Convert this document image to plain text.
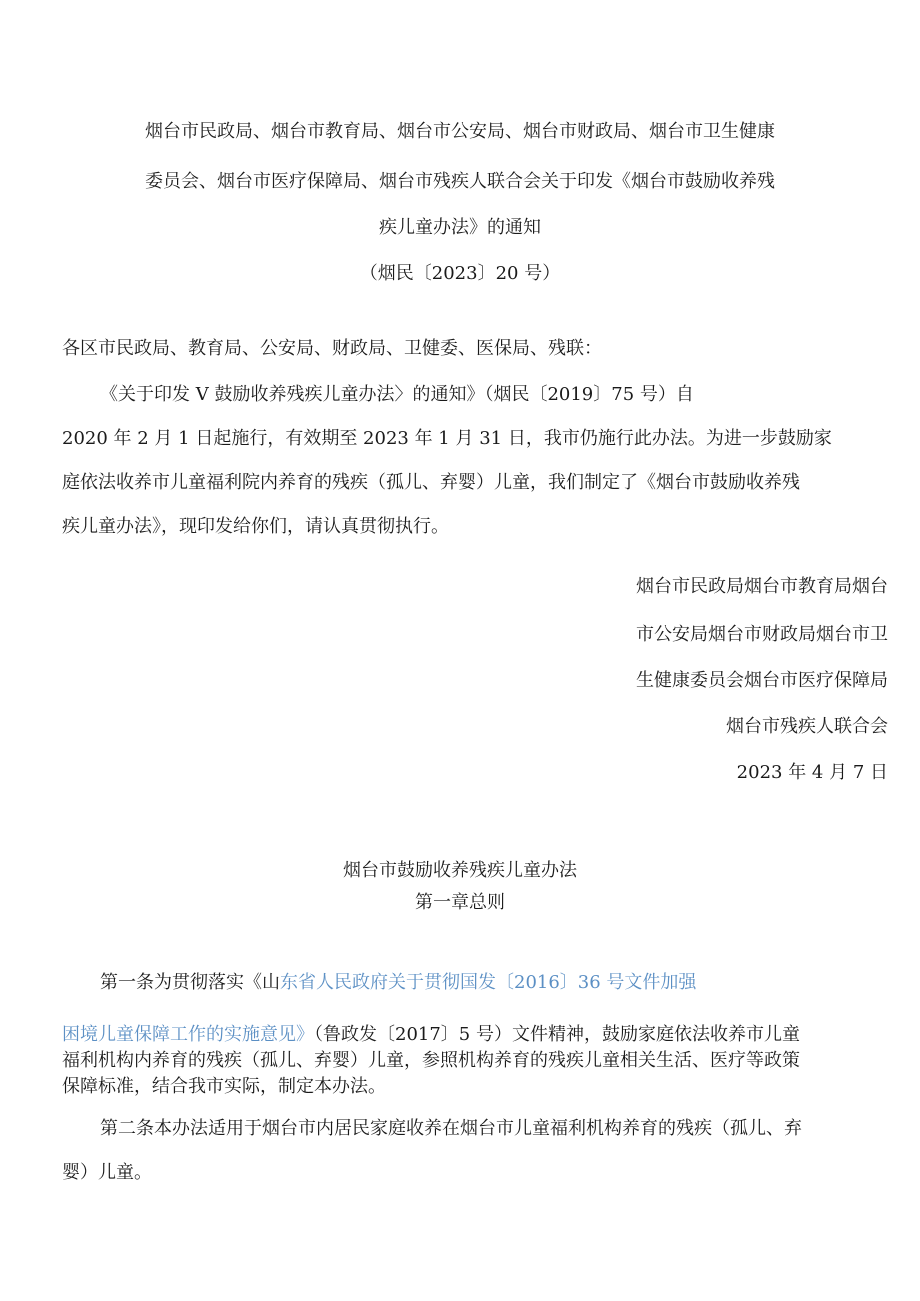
烟台市民政局、烟台市教育局、烟台市公安局、烟台市财政局、烟台市卫生健康
委员会、烟台市医疗保障局、烟台市残疾人联合会关于印发《烟台市鼓励收养残
疾儿童办法》的通知
（烟民〔2023〕20 号）
各区市民政局、教育局、公安局、财政局、卫健委、医保局、残联：
《关于印发 V 鼓励收养残疾儿童办法〉的通知》（烟民〔2019〕75 号）自
2020 年 2 月 1 日起施行，有效期至 2023 年 1 月 31 日，我市仍施行此办法。为进一步鼓励家
庭依法收养市儿童福利院内养育的残疾（孤儿、弃婴）儿童，我们制定了《烟台市鼓励收养残
疾儿童办法》，现印发给你们，请认真贯彻执行。
烟台市民政局烟台市教育局烟台
市公安局烟台市财政局烟台市卫
生健康委员会烟台市医疗保障局
烟台市残疾人联合会
2023 年 4 月 7 日
烟台市鼓励收养残疾儿童办法
第一章总则
第一条为贯彻落实《山东省人民政府关于贯彻国发〔2016〕36 号文件加强
困境儿童保障工作的实施意见》（鲁政发〔2017〕5 号）文件精神，鼓励家庭依法收养市儿童
福利机构内养育的残疾（孤儿、弃婴）儿童，参照机构养育的残疾儿童相关生活、医疗等政策
保障标准，结合我市实际，制定本办法。
第二条本办法适用于烟台市内居民家庭收养在烟台市儿童福利机构养育的残疾（孤儿、弃
婴）儿童。
